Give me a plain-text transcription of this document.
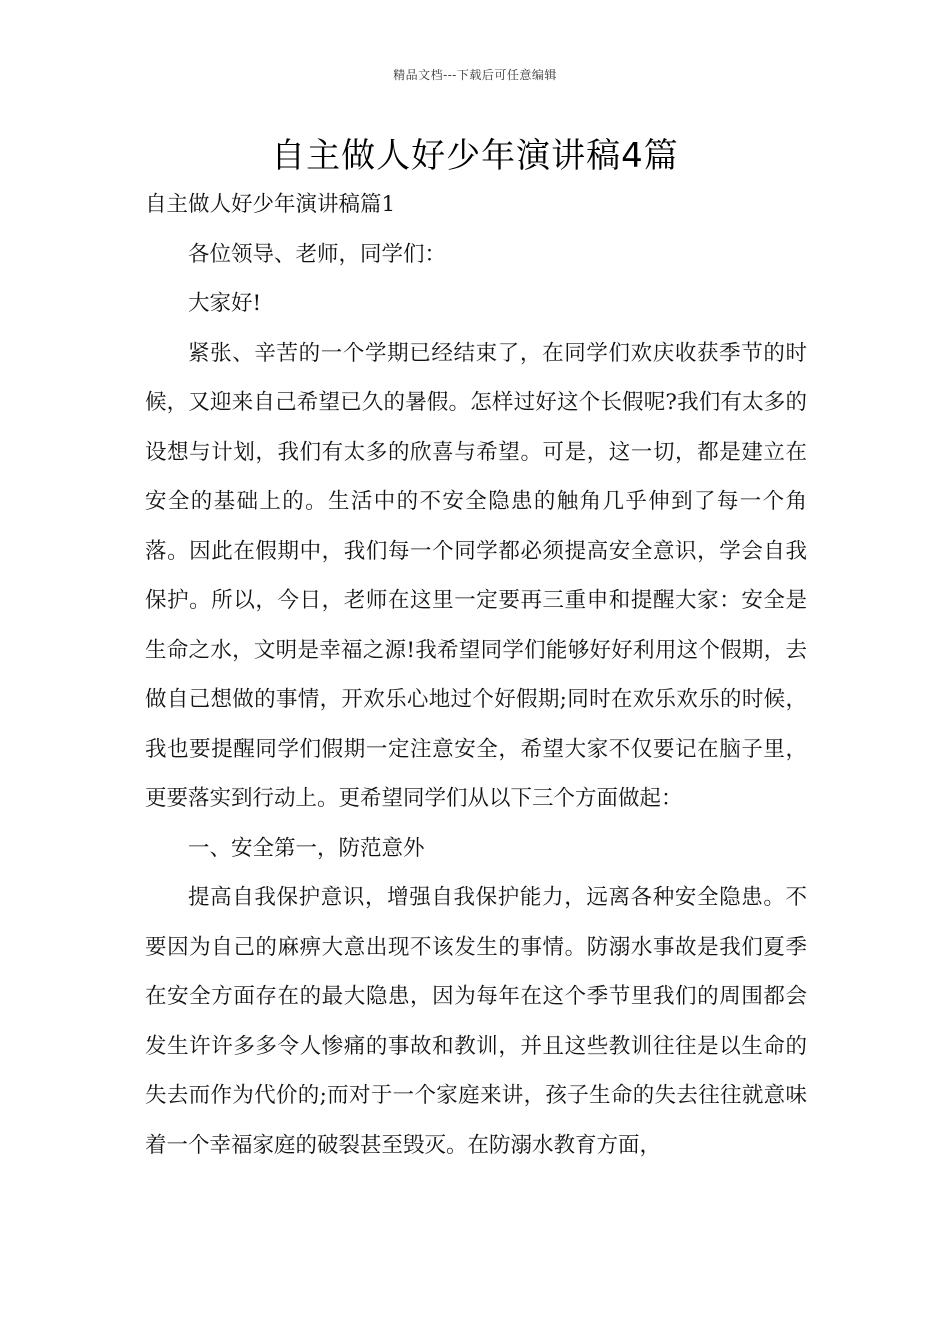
精品文档---下载后可任意编辑
自主做人好少年演讲稿4篇

自主做人好少年演讲稿篇1

各位领导、老师，同学们：

大家好!

紧张、辛苦的一个学期已经结束了，在同学们欢庆收获季节的时候，又迎来自己希望已久的暑假。怎样过好这个长假呢?我们有太多的设想与计划，我们有太多的欣喜与希望。可是，这一切，都是建立在安全的基础上的。生活中的不安全隐患的触角几乎伸到了每一个角落。因此在假期中，我们每一个同学都必须提高安全意识，学会自我保护。所以，今日，老师在这里一定要再三重申和提醒大家：安全是生命之水，文明是幸福之源!我希望同学们能够好好利用这个假期，去做自己想做的事情，开欢乐心地过个好假期;同时在欢乐欢乐的时候，我也要提醒同学们假期一定注意安全，希望大家不仅要记在脑子里，更要落实到行动上。更希望同学们从以下三个方面做起：

一、安全第一，防范意外

提高自我保护意识，增强自我保护能力，远离各种安全隐患。不要因为自己的麻痹大意出现不该发生的事情。防溺水事故是我们夏季在安全方面存在的最大隐患，因为每年在这个季节里我们的周围都会发生许许多多令人惨痛的事故和教训，并且这些教训往往是以生命的失去而作为代价的;而对于一个家庭来讲，孩子生命的失去往往就意味着一个幸福家庭的破裂甚至毁灭。在防溺水教育方面，
